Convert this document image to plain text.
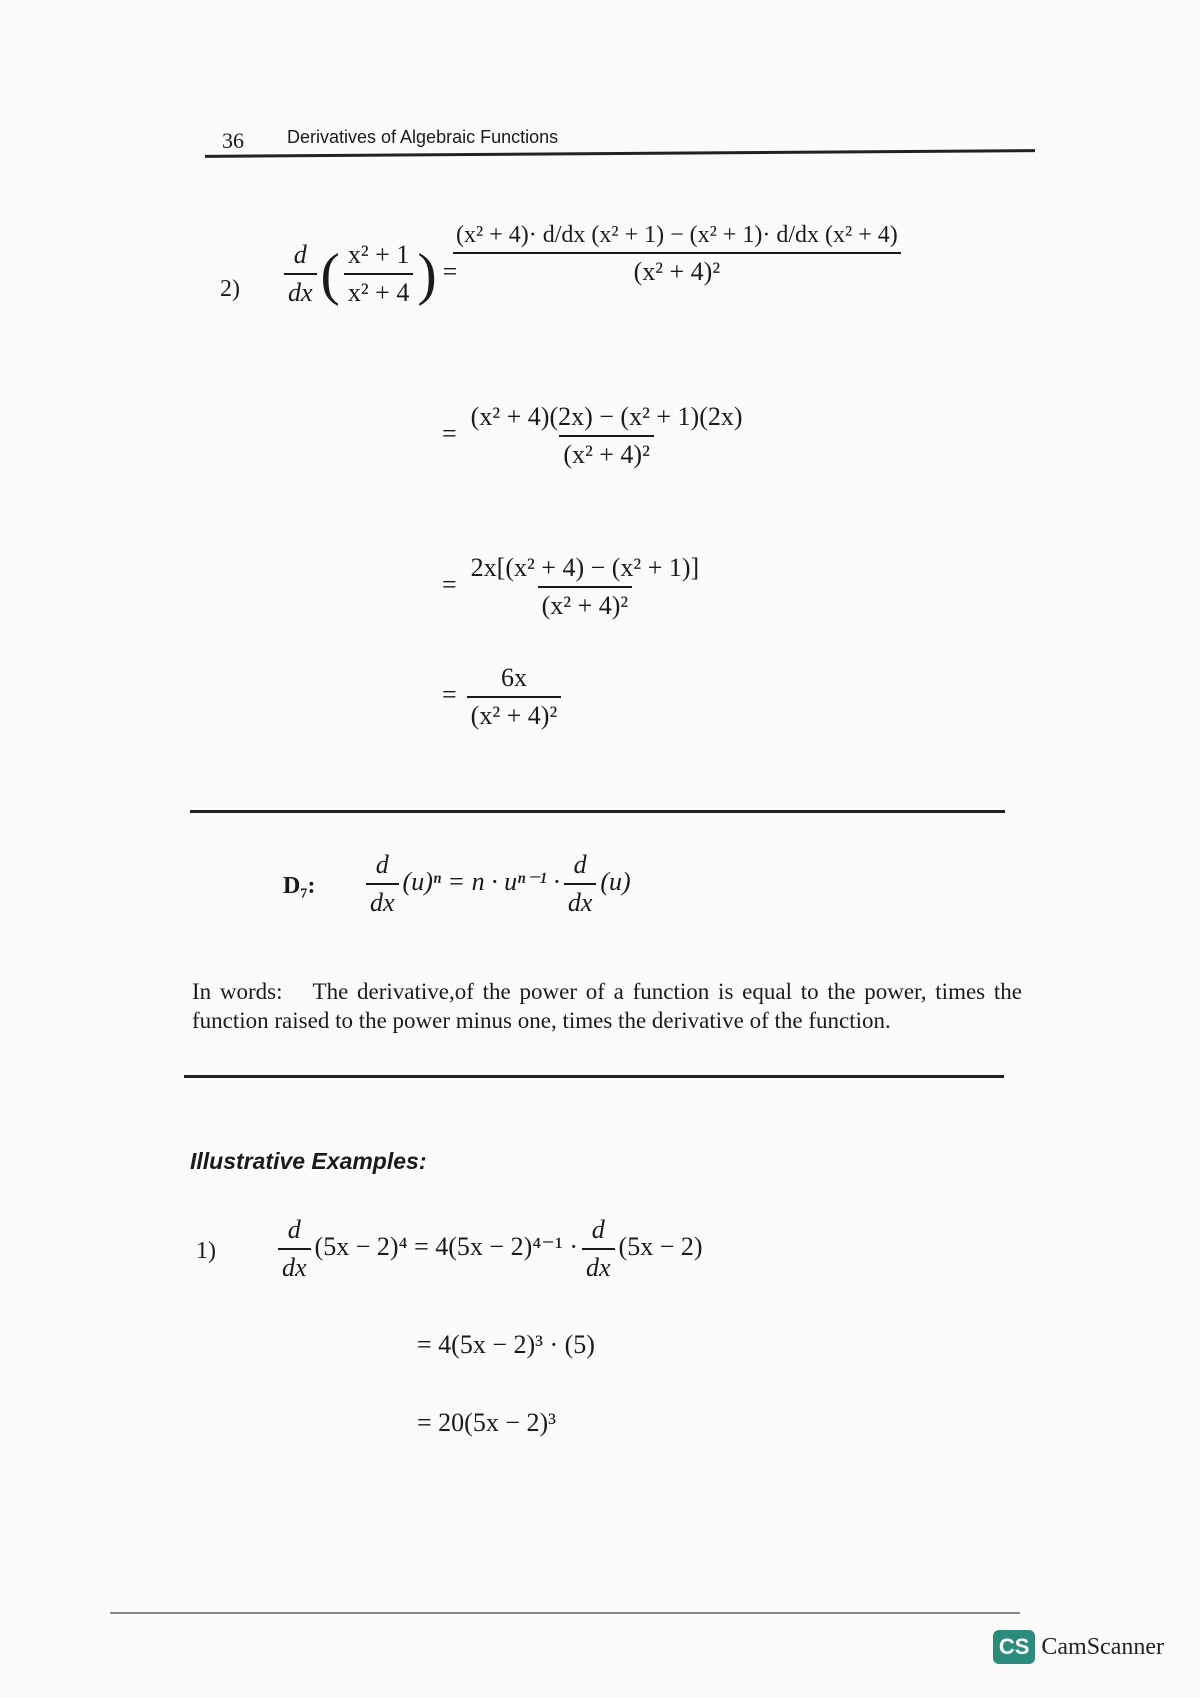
36 Derivatives of Algebraic Functions
$2) \frac{d}{dx}$ ( $\frac{\text{x² + 1}}{\text{x² + 4}}$ ) =
$\frac{\text{(x² + 4)· d/dx (x² + 1) − (x² + 1)· d/dx (x² + 4)}}{\text{(x² + 4)²}}$
= $\frac{\text{(x² + 4)(2x) − (x² + 1)(2x)}}{\text{(x² + 4)²}}$
= $\frac{\text{2x[(x² + 4) − (x² + 1)]}}{\text{(x² + 4)²}}$
= $\frac{6x}{\text{(x² + 4)²}}$
D₇: $\frac{d}{dx} (u)^n = n \cdot u^{n-1} \cdot \frac{d}{dx} (u)$
In words: The derivative,of the power of a function is equal to the power, times the function raised to the power minus one, times the derivative of the function.
Illustrative Examples:
$1) \frac{d}{dx} (5x - 2)^4 = 4(5x - 2)^{4-1} \cdot \frac{d}{dx} (5x - 2)$
= 4(5x − 2)³ · (5)
= 20(5x − 2)³
CS CamScanner
